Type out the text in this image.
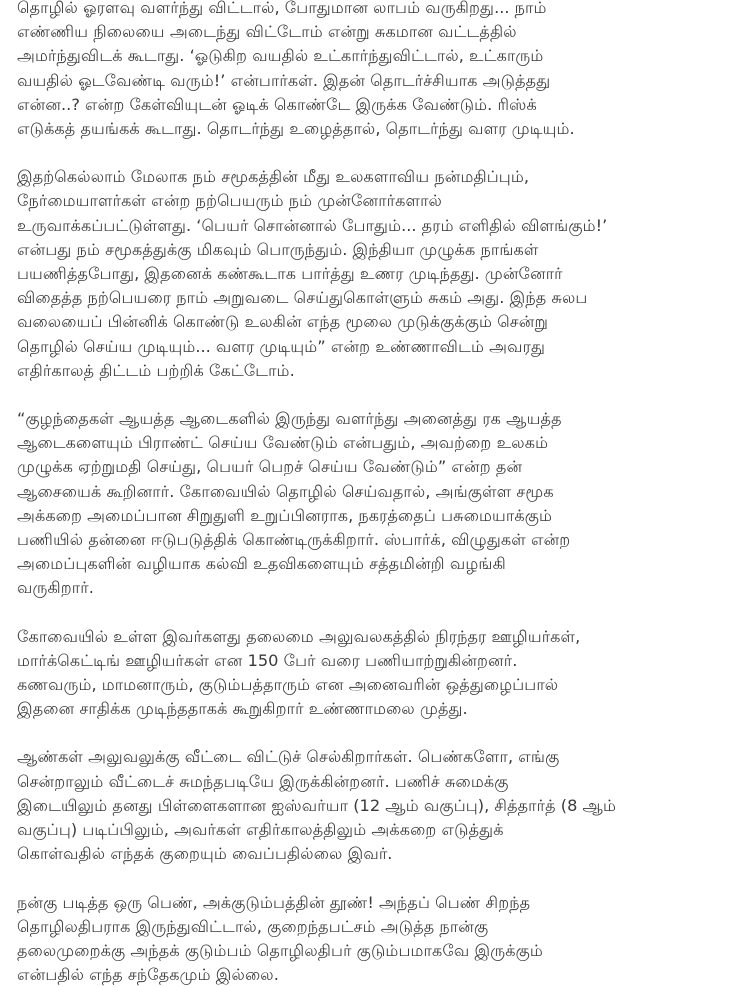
தொழில் ஓரளவு வளர்ந்து விட்டால், போதுமான லாபம் வருகிறது... நாம்
எண்ணிய நிலையை அடைந்து விட்டோம் என்று சுகமான வட்டத்தில்
அமர்ந்துவிடக் கூடாது. ‘ஓடுகிற வயதில் உட்கார்ந்துவிட்டால், உட்காரும்
வயதில் ஓடவேண்டி வரும்!’ என்பார்கள். இதன் தொடர்ச்சியாக அடுத்தது
என்ன..? என்ற கேள்வியுடன் ஓடிக் கொண்டே இருக்க வேண்டும். ரிஸ்க்
எடுக்கத் தயங்கக் கூடாது. தொடர்ந்து உழைத்தால், தொடர்ந்து வளர முடியும்.

இதற்கெல்லாம் மேலாக நம் சமூகத்தின் மீது உலகளாவிய நன்மதிப்பும்,
நேர்மையாளர்கள் என்ற நற்பெயரும் நம் முன்னோர்களால்
உருவாக்கப்பட்டுள்ளது. ‘பெயர் சொன்னால் போதும்... தரம் எளிதில் விளங்கும்!’
என்பது நம் சமூகத்துக்கு மிகவும் பொருந்தும். இந்தியா முழுக்க நாங்கள்
பயணித்தபோது, இதனைக் கண்கூடாக பார்த்து உணர முடிந்தது. முன்னோர்
விதைத்த நற்பெயரை நாம் அறுவடை செய்துகொள்ளும் சுகம் அது. இந்த சுலப
வலையைப் பின்னிக் கொண்டு உலகின் எந்த மூலை முடுக்குக்கும் சென்று
தொழில் செய்ய முடியும்... வளர முடியும்” என்ற உண்ணாவிடம் அவரது
எதிர்காலத் திட்டம் பற்றிக் கேட்டோம்.

“குழந்தைகள் ஆயத்த ஆடைகளில் இருந்து வளர்ந்து அனைத்து ரக ஆயத்த
ஆடைகளையும் பிராண்ட் செய்ய வேண்டும் என்பதும், அவற்றை உலகம்
முழுக்க ஏற்றுமதி செய்து, பெயர் பெறச் செய்ய வேண்டும்” என்ற தன்
ஆசையைக் கூறினார். கோவையில் தொழில் செய்வதால், அங்குள்ள சமூக
அக்கறை அமைப்பான சிறுதுளி உறுப்பினராக, நகரத்தைப் பசுமையாக்கும்
பணியில் தன்னை ஈடுபடுத்திக் கொண்டிருக்கிறார். ஸ்பார்க், விழுதுகள் என்ற
அமைப்புகளின் வழியாக கல்வி உதவிகளையும் சத்தமின்றி வழங்கி
வருகிறார்.

கோவையில் உள்ள இவர்களது தலைமை அலுவலகத்தில் நிரந்தர ஊழியர்கள்,
மார்க்கெட்டிங் ஊழியர்கள் என 150 பேர் வரை பணியாற்றுகின்றனர்.
கணவரும், மாமனாரும், குடும்பத்தாரும் என அனைவரின் ஒத்துழைப்பால்
இதனை சாதிக்க முடிந்ததாகக் கூறுகிறார் உண்ணாமலை முத்து.

ஆண்கள் அலுவலுக்கு வீட்டை விட்டுச் செல்கிறார்கள். பெண்களோ, எங்கு
சென்றாலும் வீட்டைச் சுமந்தபடியே இருக்கின்றனர். பணிச் சுமைக்கு
இடையிலும் தனது பிள்ளைகளான ஐஸ்வர்யா (12 ஆம் வகுப்பு), சித்தார்த் (8 ஆம்
வகுப்பு) படிப்பிலும், அவர்கள் எதிர்காலத்திலும் அக்கறை எடுத்துக்
கொள்வதில் எந்தக் குறையும் வைப்பதில்லை இவர்.

நன்கு படித்த ஒரு பெண், அக்குடும்பத்தின் தூண்! அந்தப் பெண் சிறந்த
தொழிலதிபராக இருந்துவிட்டால், குறைந்தபட்சம் அடுத்த நான்கு
தலைமுறைக்கு அந்தக் குடும்பம் தொழிலதிபர் குடும்பமாகவே இருக்கும்
என்பதில் எந்த சந்தேகமும் இல்லை.
